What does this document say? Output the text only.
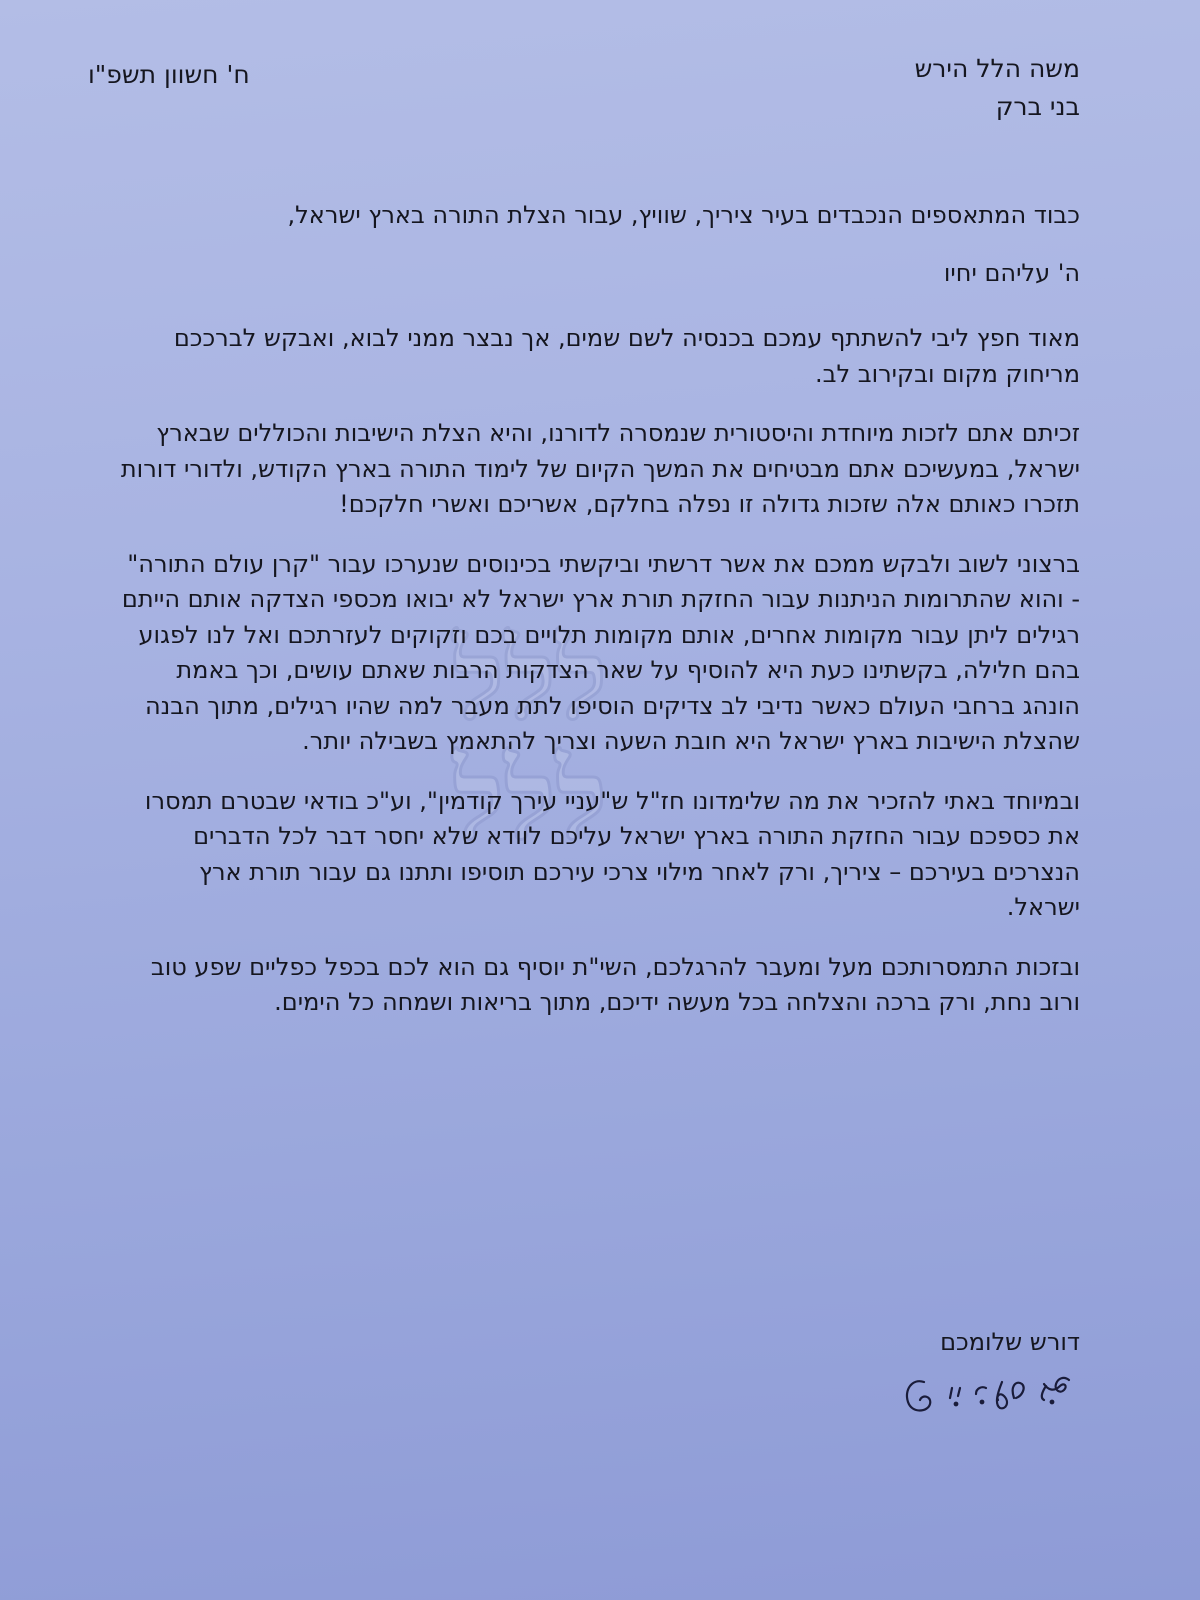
ללל
ללל
משה הלל הירש
בני ברק
ח' חשוון תשפ"ו

כבוד המתאספים הנכבדים בעיר ציריך, שוויץ, עבור הצלת התורה בארץ ישראל,

ה' עליהם יחיו

מאוד חפץ ליבי להשתתף עמכם בכנסיה לשם שמים, אך נבצר ממני לבוא, ואבקש לברככם מריחוק מקום ובקירוב לב.

זכיתם אתם לזכות מיוחדת והיסטורית שנמסרה לדורנו, והיא הצלת הישיבות והכוללים שבארץ ישראל, במעשיכם אתם מבטיחים את המשך הקיום של לימוד התורה בארץ הקודש, ולדורי דורות תזכרו כאותם אלה שזכות גדולה זו נפלה בחלקם, אשריכם ואשרי חלקכם!

ברצוני לשוב ולבקש ממכם את אשר דרשתי וביקשתי בכינוסים שנערכו עבור "קרן עולם התורה" - והוא שהתרומות הניתנות עבור החזקת תורת ארץ ישראל לא יבואו מכספי הצדקה אותם הייתם רגילים ליתן עבור מקומות אחרים, אותם מקומות תלויים בכם וזקוקים לעזרתכם ואל לנו לפגוע בהם חלילה, בקשתינו כעת היא להוסיף על שאר הצדקות הרבות שאתם עושים, וכך באמת הונהג ברחבי העולם כאשר נדיבי לב צדיקים הוסיפו לתת מעבר למה שהיו רגילים, מתוך הבנה שהצלת הישיבות בארץ ישראל היא חובת השעה וצריך להתאמץ בשבילה יותר.

ובמיוחד באתי להזכיר את מה שלימדונו חז"ל ש"עניי עירך קודמין", וע"כ בודאי שבטרם תמסרו את כספכם עבור החזקת התורה בארץ ישראל עליכם לוודא שלא יחסר דבר לכל הדברים הנצרכים בעירכם – ציריך, ורק לאחר מילוי צרכי עירכם תוסיפו ותתנו גם עבור תורת ארץ ישראל.

ובזכות התמסרותכם מעל ומעבר להרגלכם, השי"ת יוסיף גם הוא לכם בכפל כפליים שפע טוב ורוב נחת, ורק ברכה והצלחה בכל מעשה ידיכם, מתוך בריאות ושמחה כל הימים.

דורש שלומכם
